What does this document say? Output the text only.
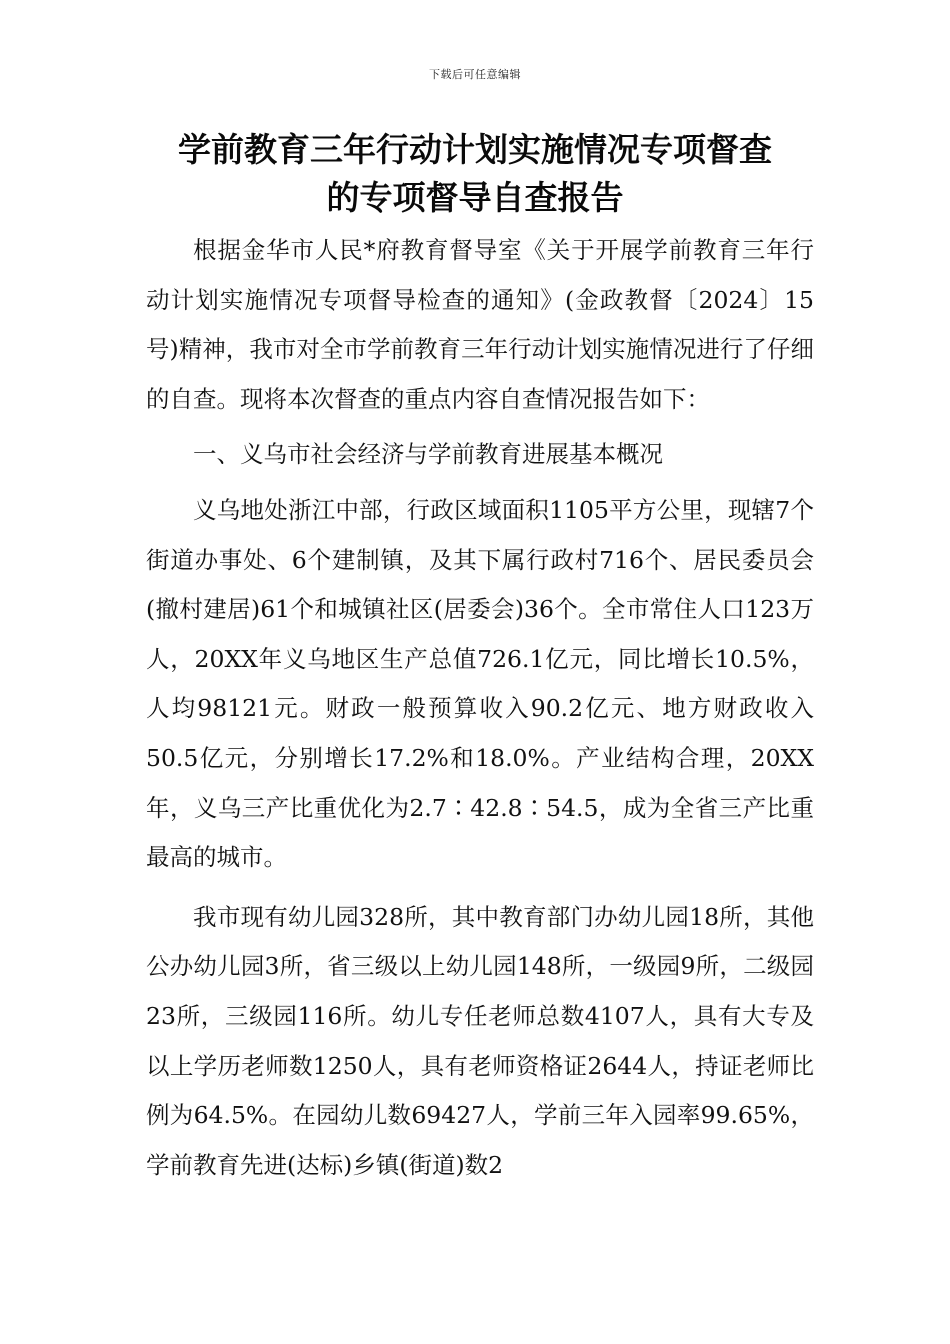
下载后可任意编辑
学前教育三年行动计划实施情况专项督查
的专项督导自查报告

根据金华市人民*府教育督导室《关于开展学前教育三年行动计划实施情况专项督导检查的通知》(金政教督〔2024〕15号)精神，我市对全市学前教育三年行动计划实施情况进行了仔细的自查。现将本次督查的重点内容自查情况报告如下：

一、义乌市社会经济与学前教育进展基本概况

义乌地处浙江中部，行政区域面积1105平方公里，现辖7个街道办事处、6个建制镇，及其下属行政村716个、居民委员会(撤村建居)61个和城镇社区(居委会)36个。全市常住人口123万人，20XX年义乌地区生产总值726.1亿元，同比增长10.5%，人均98121元。财政一般预算收入90.2亿元、地方财政收入50.5亿元，分别增长17.2%和18.0%。产业结构合理，20XX年，义乌三产比重优化为2.7∶42.8∶54.5，成为全省三产比重最高的城市。

我市现有幼儿园328所，其中教育部门办幼儿园18所，其他公办幼儿园3所，省三级以上幼儿园148所，一级园9所，二级园23所，三级园116所。幼儿专任老师总数4107人，具有大专及以上学历老师数1250人，具有老师资格证2644人，持证老师比例为64.5%。在园幼儿数69427人，学前三年入园率99.65%，学前教育先进(达标)乡镇(街道)数2
